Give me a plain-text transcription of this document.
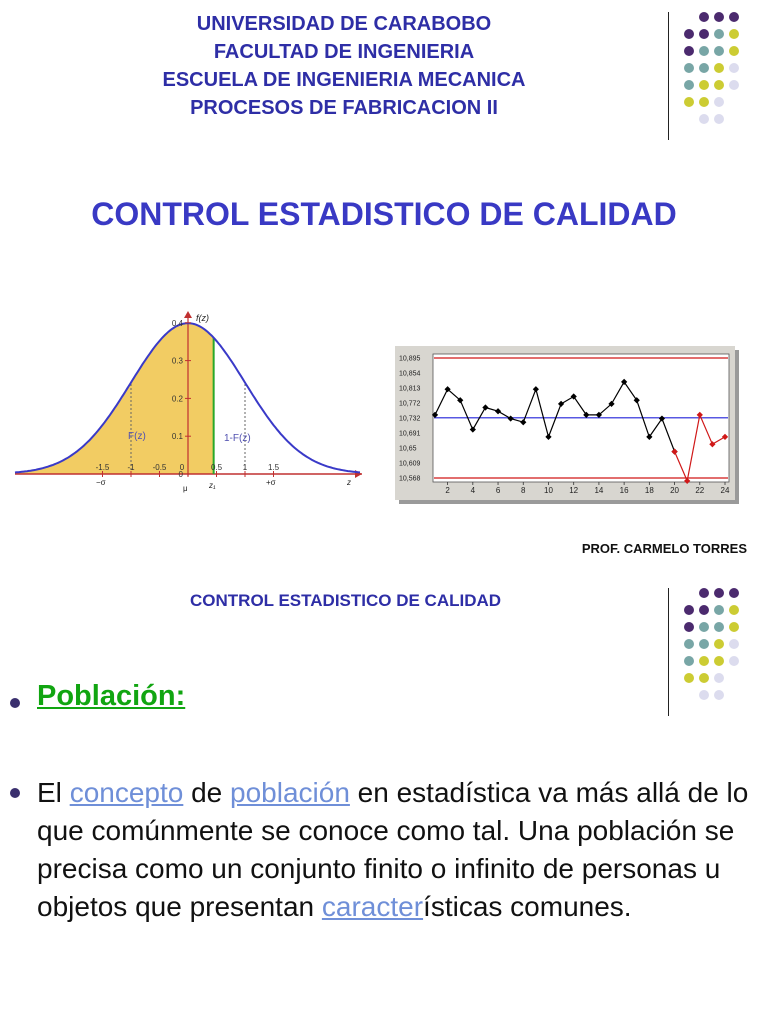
UNIVERSIDAD DE CARABOBO
FACULTAD DE INGENIERIA
ESCUELA DE INGENIERIA MECANICA
PROCESOS DE FABRICACION II
CONTROL ESTADISTICO DE CALIDAD
0.4
0.3
0.2
0.1
0
-1.5 -1 -0.5 0	0.5	1	1.5
f(z)
F(z)	1-F(z)
−σ
μ	z₁	+σ	z
10,895
10,854
10,813
10,772
10,732
10,691
10,65
10,609
10,568
2	4	6	8 10 12 14 16 18 20 22 24
PROF. CARMELO TORRES
CONTROL ESTADISTICO DE CALIDAD
Población:
El concepto de población en estadística va más allá de lo que comúnmente se conoce como tal. Una población se precisa como un conjunto finito o infinito de personas u objetos que presentan características comunes.
